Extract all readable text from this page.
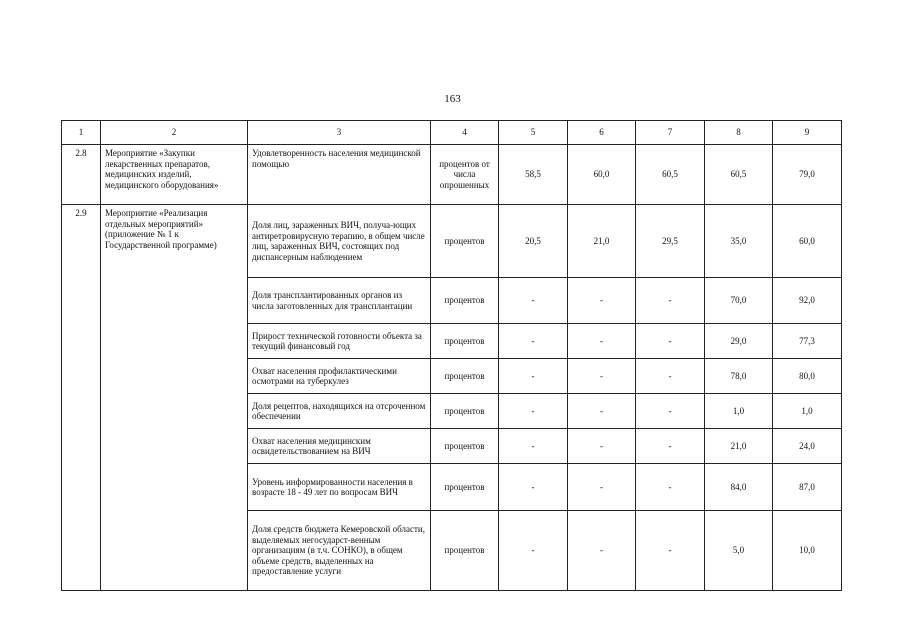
163
1	2	3	4	5	6	7	8	9
2.8	Мероприятие «Закупки лекарственных препаратов, медицинских изделий, медицинского оборудования»	Удовлетворенность населения медицинской помощью	процентов от числа опрошенных	58,5	60,0	60,5	60,5	79,0
2.9	Мероприятие «Реализация отдельных мероприятий» (приложение № 1 к Государственной программе)	Доля лиц, зараженных ВИЧ, получа-ющих антиретровирусную терапию, в общем числе лиц, зараженных ВИЧ, состоящих под диспансерным наблюдением	процентов	20,5	21,0	29,5	35,0	60,0
		Доля трансплантированных органов из числа заготовленных для трансплантации	процентов	-	-	-	70,0	92,0
		Прирост технической готовности объекта за текущий финансовый год	процентов	-	-	-	29,0	77,3
		Охват населения профилактическими осмотрами на туберкулез	процентов	-	-	-	78,0	80,0
		Доля рецептов, находящихся на отсроченном обеспечении	процентов	-	-	-	1,0	1,0
		Охват населения медицинским освидетельствованием на ВИЧ	процентов	-	-	-	21,0	24,0
		Уровень информированности населения в возрасте 18 - 49 лет по вопросам ВИЧ	процентов	-	-	-	84,0	87,0
		Доля средств бюджета Кемеровской области, выделяемых негосударст-венным организациям (в т.ч. СОНКО), в общем объеме средств, выделенных на предоставление услуги	процентов	-	-	-	5,0	10,0
